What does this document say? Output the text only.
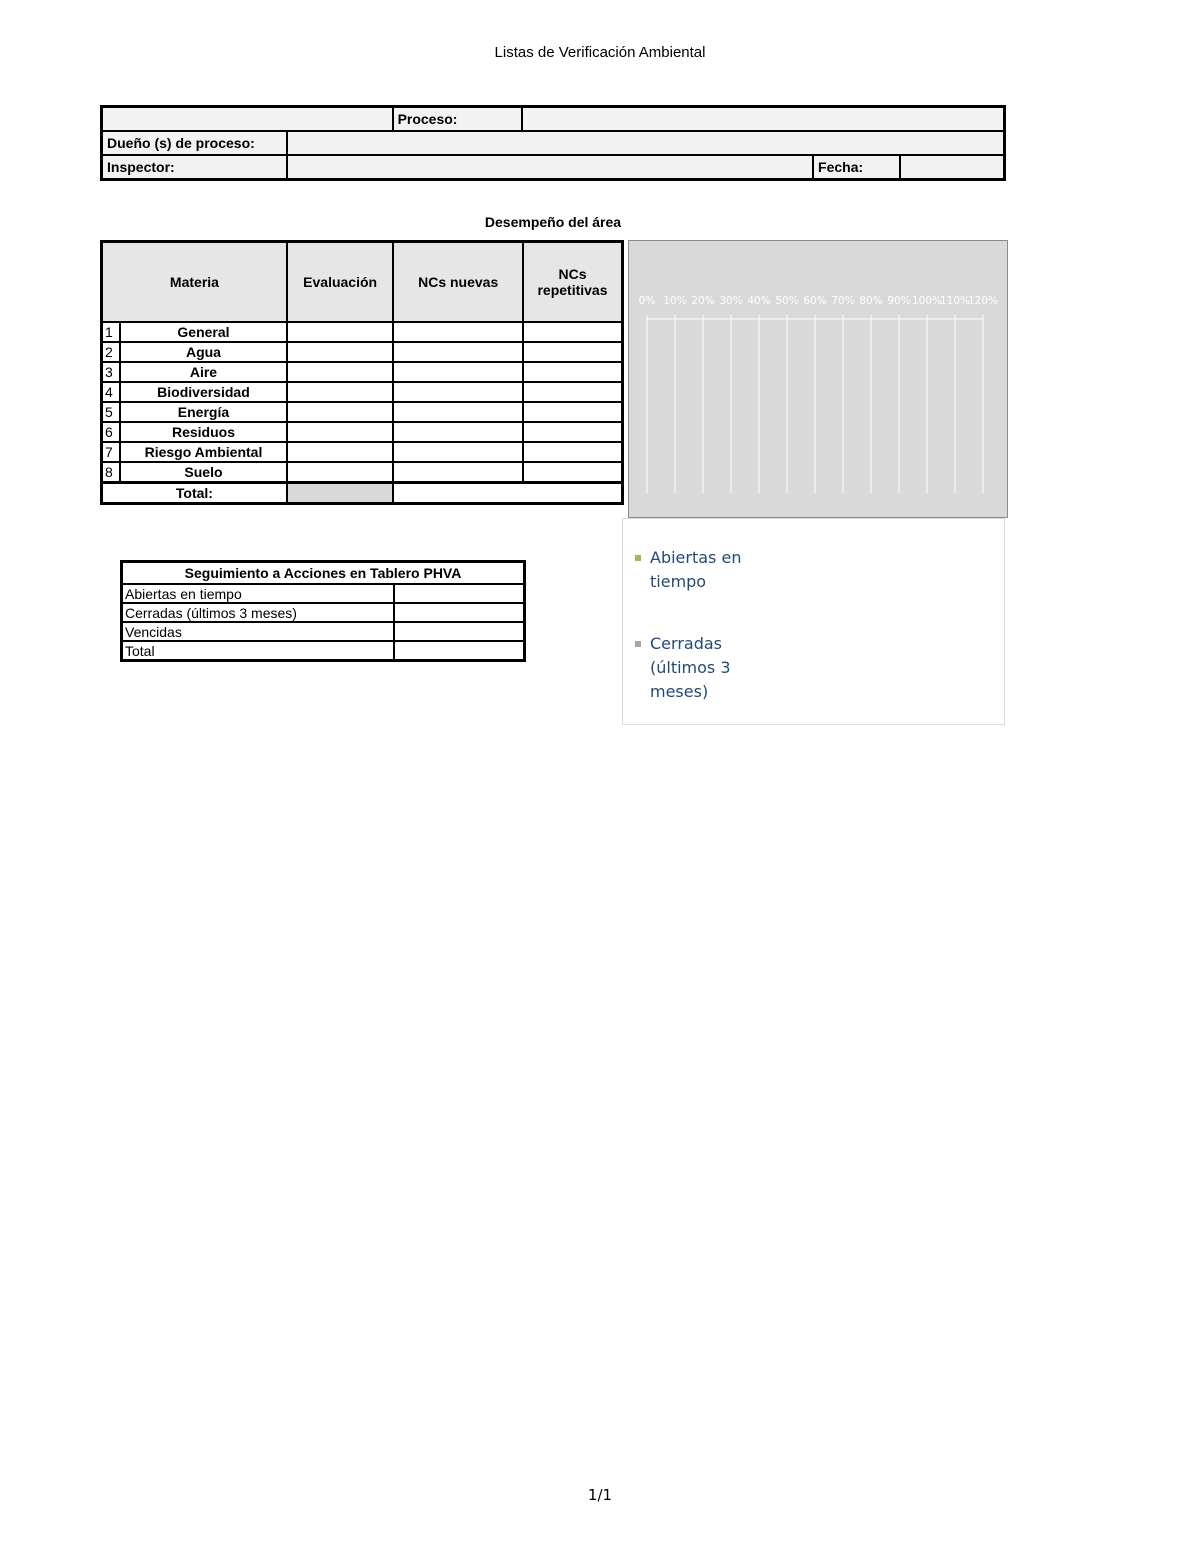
Listas de Verificación Ambiental
		Proceso:			
Dueño (s) de proceso:					
Inspector:				Fecha:	
Desempeño del área
Materia		Evaluación	NCs nuevas	NCs repetitivas
1	General			
2	Agua			
3	Aire			
4	Biodiversidad			
5	Energía			
6	Residuos			
7	Riesgo Ambiental			
8	Suelo			
Total:				
0% 10% 20% 30% 40% 50% 60% 70% 80% 90% 100%
110%
120%
Abiertas en tiempo
Cerradas (últimos 3 meses)
Seguimiento a Acciones en Tablero PHVA	
Abiertas en tiempo	
Cerradas (últimos 3 meses)	
Vencidas	
Total	
1/1
